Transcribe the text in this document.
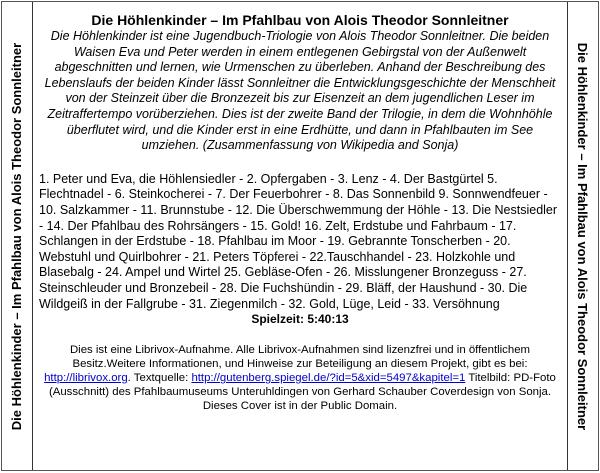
Die Höhlenkinder – Im Pfahlbau von Alois Theodor Sonnleitner

Die Höhlenkinder – Im Pfahlbau von Alois Theodor Sonnleitner

Die Höhlenkinder ist eine Jugendbuch-Triologie von Alois Theodor Sonnleitner. Die beiden Waisen Eva und Peter werden in einem entlegenen Gebirgstal von der Außenwelt abgeschnitten und lernen, wie Urmenschen zu überleben. Anhand der Beschreibung des Lebenslaufs der beiden Kinder lässt Sonnleitner die Entwicklungsgeschichte der Menschheit von der Steinzeit über die Bronzezeit bis zur Eisenzeit an dem jugendlichen Leser im Zeitraffertempo vorüberziehen. Dies ist der zweite Band der Trilogie, in dem die Wohnhöhle überflutet wird, und die Kinder erst in eine Erdhütte, und dann in Pfahlbauten im See umziehen. (Zusammenfassung von Wikipedia and Sonja)

1. Peter und Eva, die Höhlensiedler - 2. Opfergaben - 3. Lenz - 4. Der Bastgürtel 5. Flechtnadel - 6. Steinkocherei - 7. Der Feuerbohrer - 8. Das Sonnenbild 9. Sonnwendfeuer - 10. Salzkammer - 11. Brunnstube - 12. Die Überschwemmung der Höhle - 13. Die Nestsiedler - 14. Der Pfahlbau des Rohrsängers - 15. Gold! 16. Zelt, Erdstube und Fahrbaum - 17. Schlangen in der Erdstube - 18. Pfahlbau im Moor - 19. Gebrannte Tonscherben - 20. Webstuhl und Quirlbohrer - 21. Peters Töpferei - 22.Tauschhandel - 23. Holzkohle und Blasebalg - 24. Ampel und Wirtel 25. Gebläse-Ofen - 26. Misslungener Bronzeguss - 27. Steinschleuder und Bronzebeil - 28. Die Fuchshündin - 29. Bläff, der Haushund - 30. Die Wildgeiß in der Fallgrube - 31. Ziegenmilch - 32. Gold, Lüge, Leid - 33. Versöhnung

Spielzeit: 5:40:13

Dies ist eine Librivox-Aufnahme. Alle Librivox-Aufnahmen sind lizenzfrei und in öffentlichem Besitz.Weitere Informationen, und Hinweise zur Beteiligung an diesem Projekt, gibt es bei: http://librivox.org. Textquelle: http://gutenberg.spiegel.de/?id=5&xid=5497&kapitel=1 Titelbild: PD-Foto (Ausschnitt) des Pfahlbaumuseums Unteruhldingen von Gerhard Schauber Coverdesign von Sonja. Dieses Cover ist in der Public Domain.	Die Höhlenkinder – Im Pfahlbau von Alois Theodor Sonnleitner
